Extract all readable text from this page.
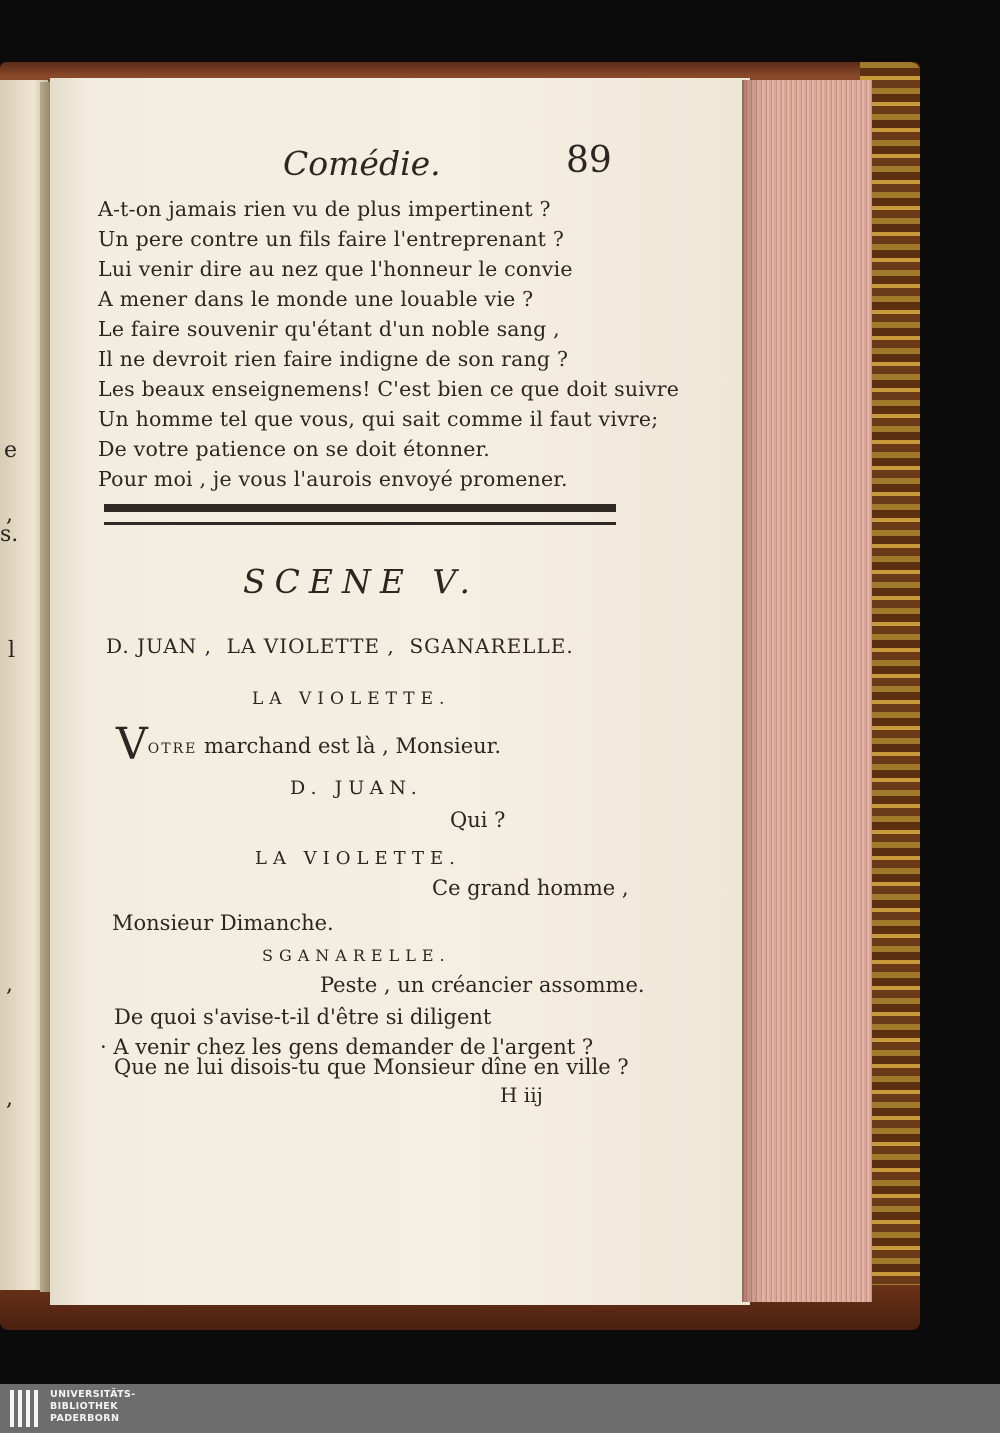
e
,
s.
l
,
,
Comédie.	89
A-t-on jamais rien vu de plus impertinent ?
Un pere contre un fils faire l'entreprenant ?
Lui venir dire au nez que l'honneur le convie
A mener dans le monde une louable vie ?
Le faire souvenir qu'étant d'un noble sang ,
Il ne devroit rien faire indigne de son rang ?
Les beaux enseignemens! C'est bien ce que doit suivre
Un homme tel que vous, qui sait comme il faut vivre;
De votre patience on se doit étonner.
Pour moi , je vous l'aurois envoyé promener.
SCENE V.
D. JUAN ,  LA VIOLETTE ,  SGANARELLE.
LA VIOLETTE.
VOTRE marchand est là , Monsieur.
D. JUAN.
Qui ?
LA VIOLETTE.
Ce grand homme ,
Monsieur Dimanche.
SGANARELLE.
Peste , un créancier assomme.
De quoi s'avise-t-il d'être si diligent
· A venir chez les gens demander de l'argent ?
Que ne lui disois-tu que Monsieur dîne en ville ?
H iij
UNIVERSITÄTS-
BIBLIOTHEK
PADERBORN
